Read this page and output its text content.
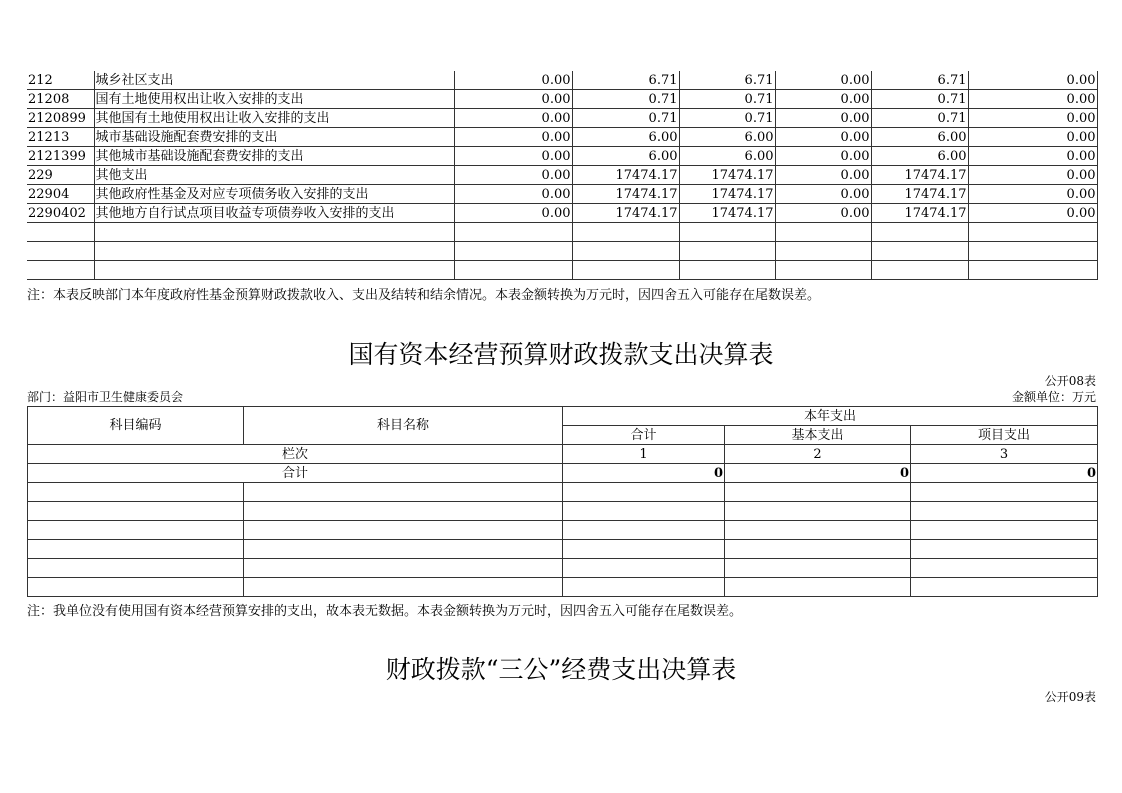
212	城乡社区支出	0.00	6.71	6.71	0.00	6.71	0.00
21208	国有土地使用权出让收入安排的支出	0.00	0.71	0.71	0.00	0.71	0.00
2120899	其他国有土地使用权出让收入安排的支出	0.00	0.71	0.71	0.00	0.71	0.00
21213	城市基础设施配套费安排的支出	0.00	6.00	6.00	0.00	6.00	0.00
2121399	其他城市基础设施配套费安排的支出	0.00	6.00	6.00	0.00	6.00	0.00
229	其他支出	0.00	17474.17	17474.17	0.00	17474.17	0.00
22904	其他政府性基金及对应专项债务收入安排的支出	0.00	17474.17	17474.17	0.00	17474.17	0.00
2290402	其他地方自行试点项目收益专项债券收入安排的支出	0.00	17474.17	17474.17	0.00	17474.17	0.00

注：本表反映部门本年度政府性基金预算财政拨款收入、支出及结转和结余情况。本表金额转换为万元时，因四舍五入可能存在尾数误差。
国有资本经营预算财政拨款支出决算表
公开08表
部门：益阳市卫生健康委员会	金额单位：万元
科目编码	科目名称	本年支出		
		合计	基本支出	项目支出
栏次		1	2	3
合计		0	0	0

注：我单位没有使用国有资本经营预算安排的支出，故本表无数据。本表金额转换为万元时，因四舍五入可能存在尾数误差。
财政拨款“三公”经费支出决算表
公开09表
